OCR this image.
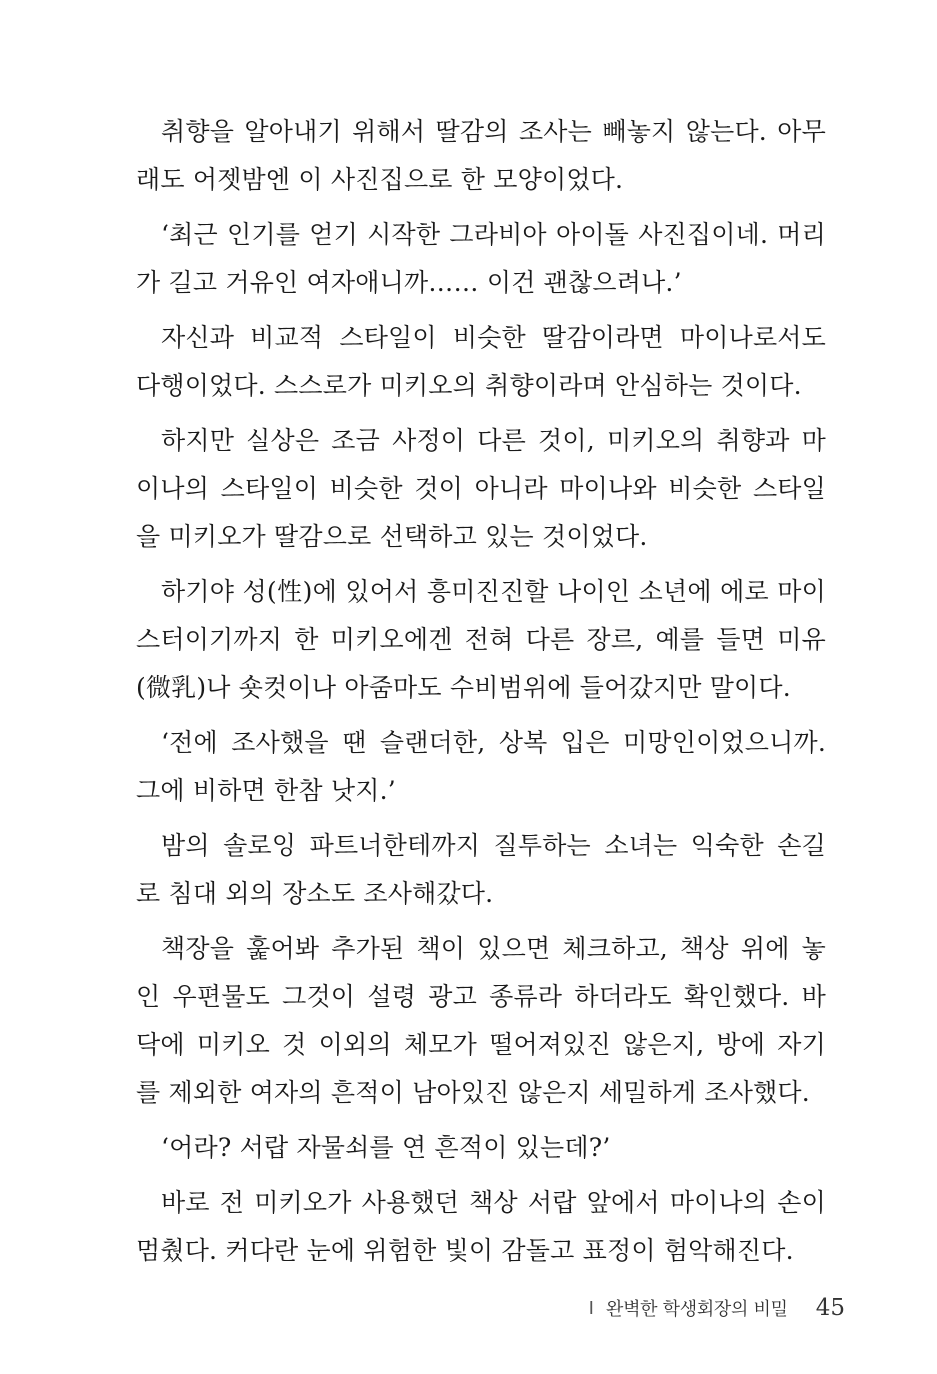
취향을 알아내기 위해서 딸감의 조사는 빼놓지 않는다. 아무
래도 어젯밤엔 이 사진집으로 한 모양이었다.
‘최근 인기를 얻기 시작한 그라비아 아이돌 사진집이네. 머리
가 길고 거유인 여자애니까…… 이건 괜찮으려나.’
자신과 비교적 스타일이 비슷한 딸감이라면 마이나로서도
다행이었다. 스스로가 미키오의 취향이라며 안심하는 것이다.
하지만 실상은 조금 사정이 다른 것이, 미키오의 취향과 마
이나의 스타일이 비슷한 것이 아니라 마이나와 비슷한 스타일
을 미키오가 딸감으로 선택하고 있는 것이었다.
하기야 성(性)에 있어서 흥미진진할 나이인 소년에 에로 마이
스터이기까지 한 미키오에겐 전혀 다른 장르, 예를 들면 미유
(微乳)나 숏컷이나 아줌마도 수비범위에 들어갔지만 말이다.
‘전에 조사했을 땐 슬랜더한, 상복 입은 미망인이었으니까.
그에 비하면 한참 낫지.’
밤의 솔로잉 파트너한테까지 질투하는 소녀는 익숙한 손길
로 침대 외의 장소도 조사해갔다.
책장을 훑어봐 추가된 책이 있으면 체크하고, 책상 위에 놓
인 우편물도 그것이 설령 광고 종류라 하더라도 확인했다. 바
닥에 미키오 것 이외의 체모가 떨어져있진 않은지, 방에 자기
를 제외한 여자의 흔적이 남아있진 않은지 세밀하게 조사했다.
‘어라? 서랍 자물쇠를 연 흔적이 있는데?’
바로 전 미키오가 사용했던 책상 서랍 앞에서 마이나의 손이
멈췄다. 커다란 눈에 위험한 빛이 감돌고 표정이 험악해진다.
I 완벽한 학생회장의 비밀 45
